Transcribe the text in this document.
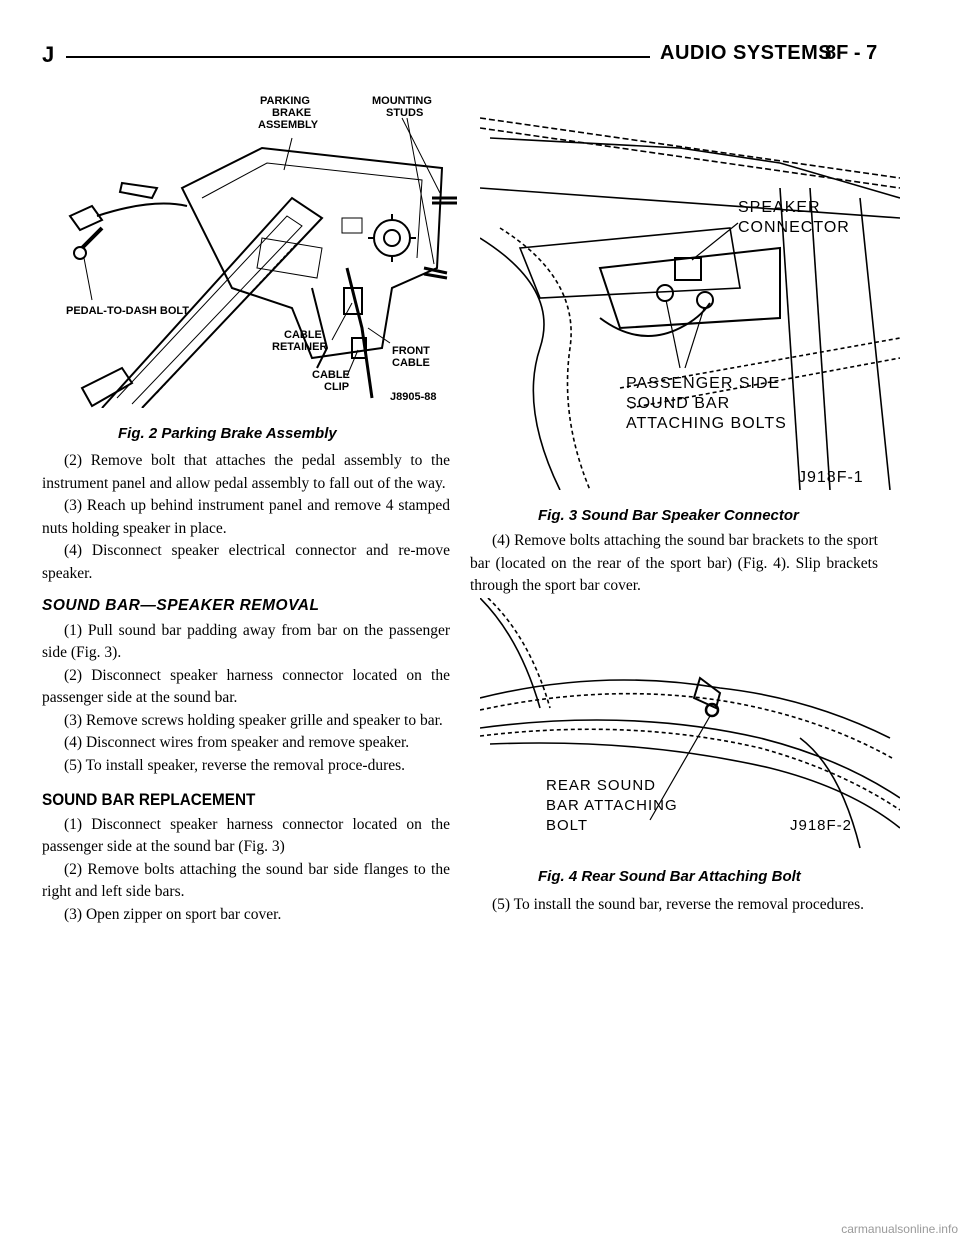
J	AUDIO SYSTEMS
8F - 7
PARKING
BRAKE
ASSEMBLY
MOUNTING
STUDS
PEDAL-TO-DASH BOLT
CABLE
RETAINER
CABLE
CLIP
FRONT
CABLE
J8905-88
Fig. 2 Parking Brake Assembly
SPEAKER
CONNECTOR
PASSENGER SIDE
SOUND BAR
ATTACHING BOLTS
J918F-1
Fig. 3 Sound Bar Speaker Connector
REAR SOUND
BAR ATTACHING
BOLT	J918F-2
Fig. 4 Rear Sound Bar Attaching Bolt

(2) Remove bolt that attaches the pedal assembly to the instrument panel and allow pedal assembly to fall out of the way.

(3) Reach up behind instrument panel and remove 4 stamped nuts holding speaker in place.

(4) Disconnect speaker electrical connector and re-move speaker.

SOUND BAR—SPEAKER REMOVAL

(1) Pull sound bar padding away from bar on the passenger side (Fig. 3).

(2) Disconnect speaker harness connector located on the passenger side at the sound bar.

(3) Remove screws holding speaker grille and speaker to bar.

(4) Disconnect wires from speaker and remove speaker.

(5) To install speaker, reverse the removal proce-dures.

SOUND BAR REPLACEMENT

(1) Disconnect speaker harness connector located on the passenger side at the sound bar (Fig. 3)

(2) Remove bolts attaching the sound bar side flanges to the right and left side bars.

(3) Open zipper on sport bar cover.

(4) Remove bolts attaching the sound bar brackets to the sport bar (located on the rear of the sport bar) (Fig. 4). Slip brackets through the sport bar cover.

(5) To install the sound bar, reverse the removal procedures.

carmanualsonline.info
